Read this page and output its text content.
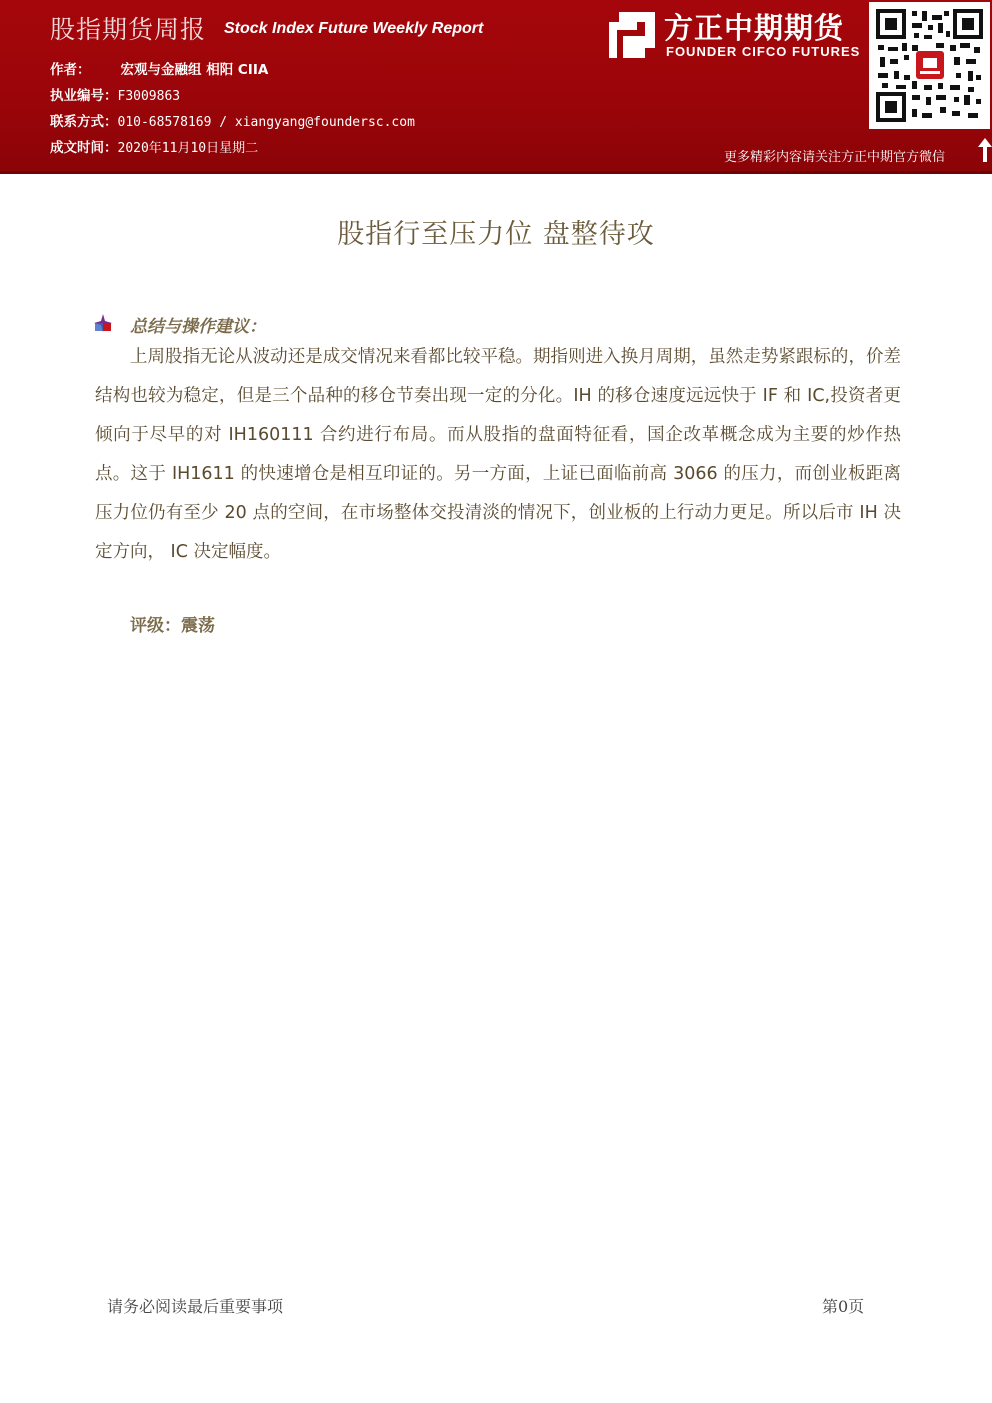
股指期货周报 Stock Index Future Weekly Report
作者： 宏观与金融组 相阳 CIIA
执业编号：F3009863
联系方式：010-68578169 / xiangyang@foundersc.com
成文时间：2020年11月10日星期二
方正中期期货
FOUNDER CIFCO FUTURES
更多精彩内容请关注方正中期官方微信
股指行至压力位 盘整待攻
总结与操作建议：

上周股指无论从波动还是成交情况来看都比较平稳。期指则进入换月周期，虽然走势紧跟标的，价差结构也较为稳定，但是三个品种的移仓节奏出现一定的分化。IH 的移仓速度远远快于 IF 和 IC,投资者更倾向于尽早的对 IH160111 合约进行布局。而从股指的盘面特征看，国企改革概念成为主要的炒作热点。这于 IH1611 的快速增仓是相互印证的。另一方面，上证已面临前高 3066 的压力，而创业板距离压力位仍有至少 20 点的空间，在市场整体交投清淡的情况下，创业板的上行动力更足。所以后市 IH 决定方向， IC 决定幅度。

评级：震荡
请务必阅读最后重要事项	第0页
